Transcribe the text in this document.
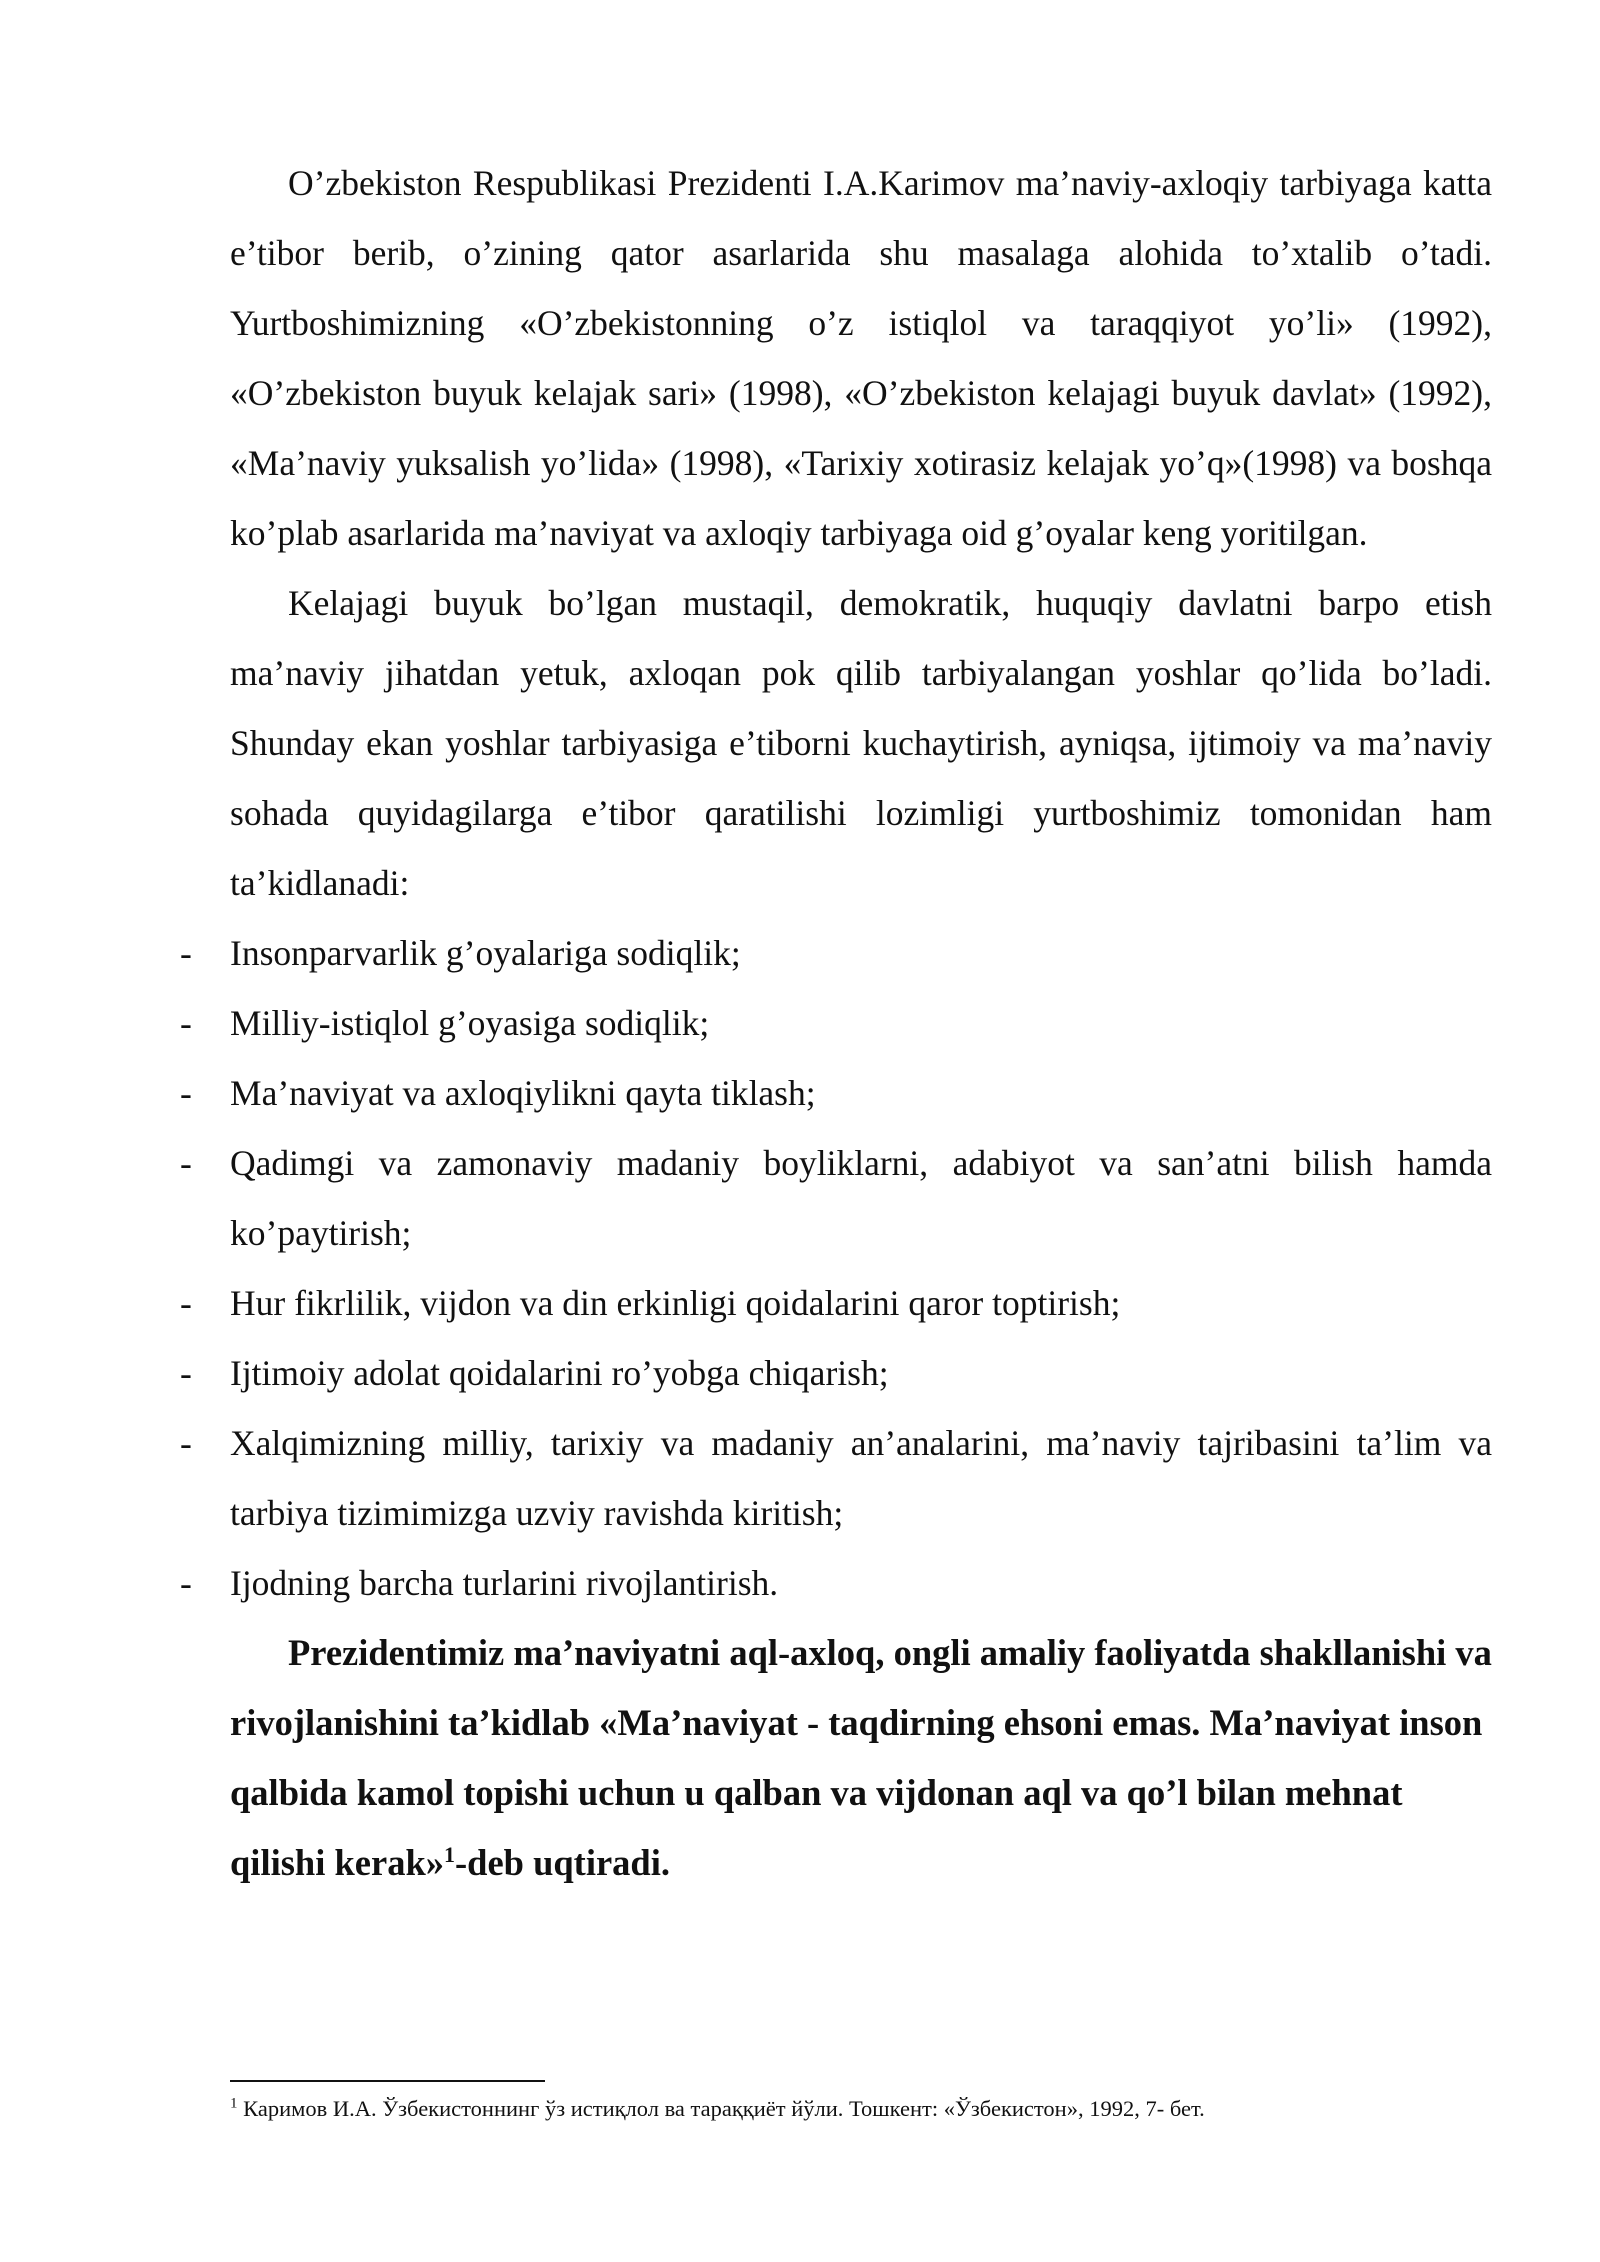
O’zbekiston Respublikasi Prezidenti I.A.Karimov ma’naviy-axloqiy tarbiyaga katta e’tibor berib, o’zining qator asarlarida shu masalaga alohida to’xtalib o’tadi. Yurtboshimizning «O’zbekistonning o’z istiqlol va taraqqiyot yo’li» (1992), «O’zbekiston buyuk kelajak sari» (1998), «O’zbekiston kelajagi buyuk davlat» (1992), «Ma’naviy yuksalish yo’lida» (1998), «Tarixiy xotirasiz kelajak yo’q»(1998) va boshqa ko’plab asarlarida ma’naviyat va axloqiy tarbiyaga oid g’oyalar keng yoritilgan.

Kelajagi buyuk bo’lgan mustaqil, demokratik, huquqiy davlatni barpo etish ma’naviy jihatdan yetuk, axloqan pok qilib tarbiyalangan yoshlar qo’lida bo’ladi. Shunday ekan yoshlar tarbiyasiga e’tiborni kuchaytirish, ayniqsa, ijtimoiy va ma’naviy sohada quyidagilarga e’tibor qaratilishi lozimligi yurtboshimiz tomonidan ham ta’kidlanadi:

- Insonparvarlik g’oyalariga sodiqlik;
- Milliy-istiqlol g’oyasiga sodiqlik;
- Ma’naviyat va axloqiylikni qayta tiklash;
- Qadimgi va zamonaviy madaniy boyliklarni, adabiyot va san’atni bilish hamda ko’paytirish;
- Hur fikrlilik, vijdon va din erkinligi qoidalarini qaror toptirish;
- Ijtimoiy adolat qoidalarini ro’yobga chiqarish;
- Xalqimizning milliy, tarixiy va madaniy an’analarini, ma’naviy tajribasini ta’lim va tarbiya tizimimizga uzviy ravishda kiritish;
- Ijodning barcha turlarini rivojlantirish.

Prezidentimiz ma’naviyatni aql-axloq, ongli amaliy faoliyatda shakllanishi va rivojlanishini ta’kidlab «Ma’naviyat - taqdirning ehsoni emas. Ma’naviyat inson qalbida kamol topishi uchun u qalban va vijdonan aql va qo’l bilan mehnat qilishi kerak»$^1$-deb uqtiradi.

$^1$ Каримов И.А. Ўзбекистоннинг ўз истиқлол ва тараққиёт йўли. Тошкент: «Ўзбекистон», 1992, 7- бет.
